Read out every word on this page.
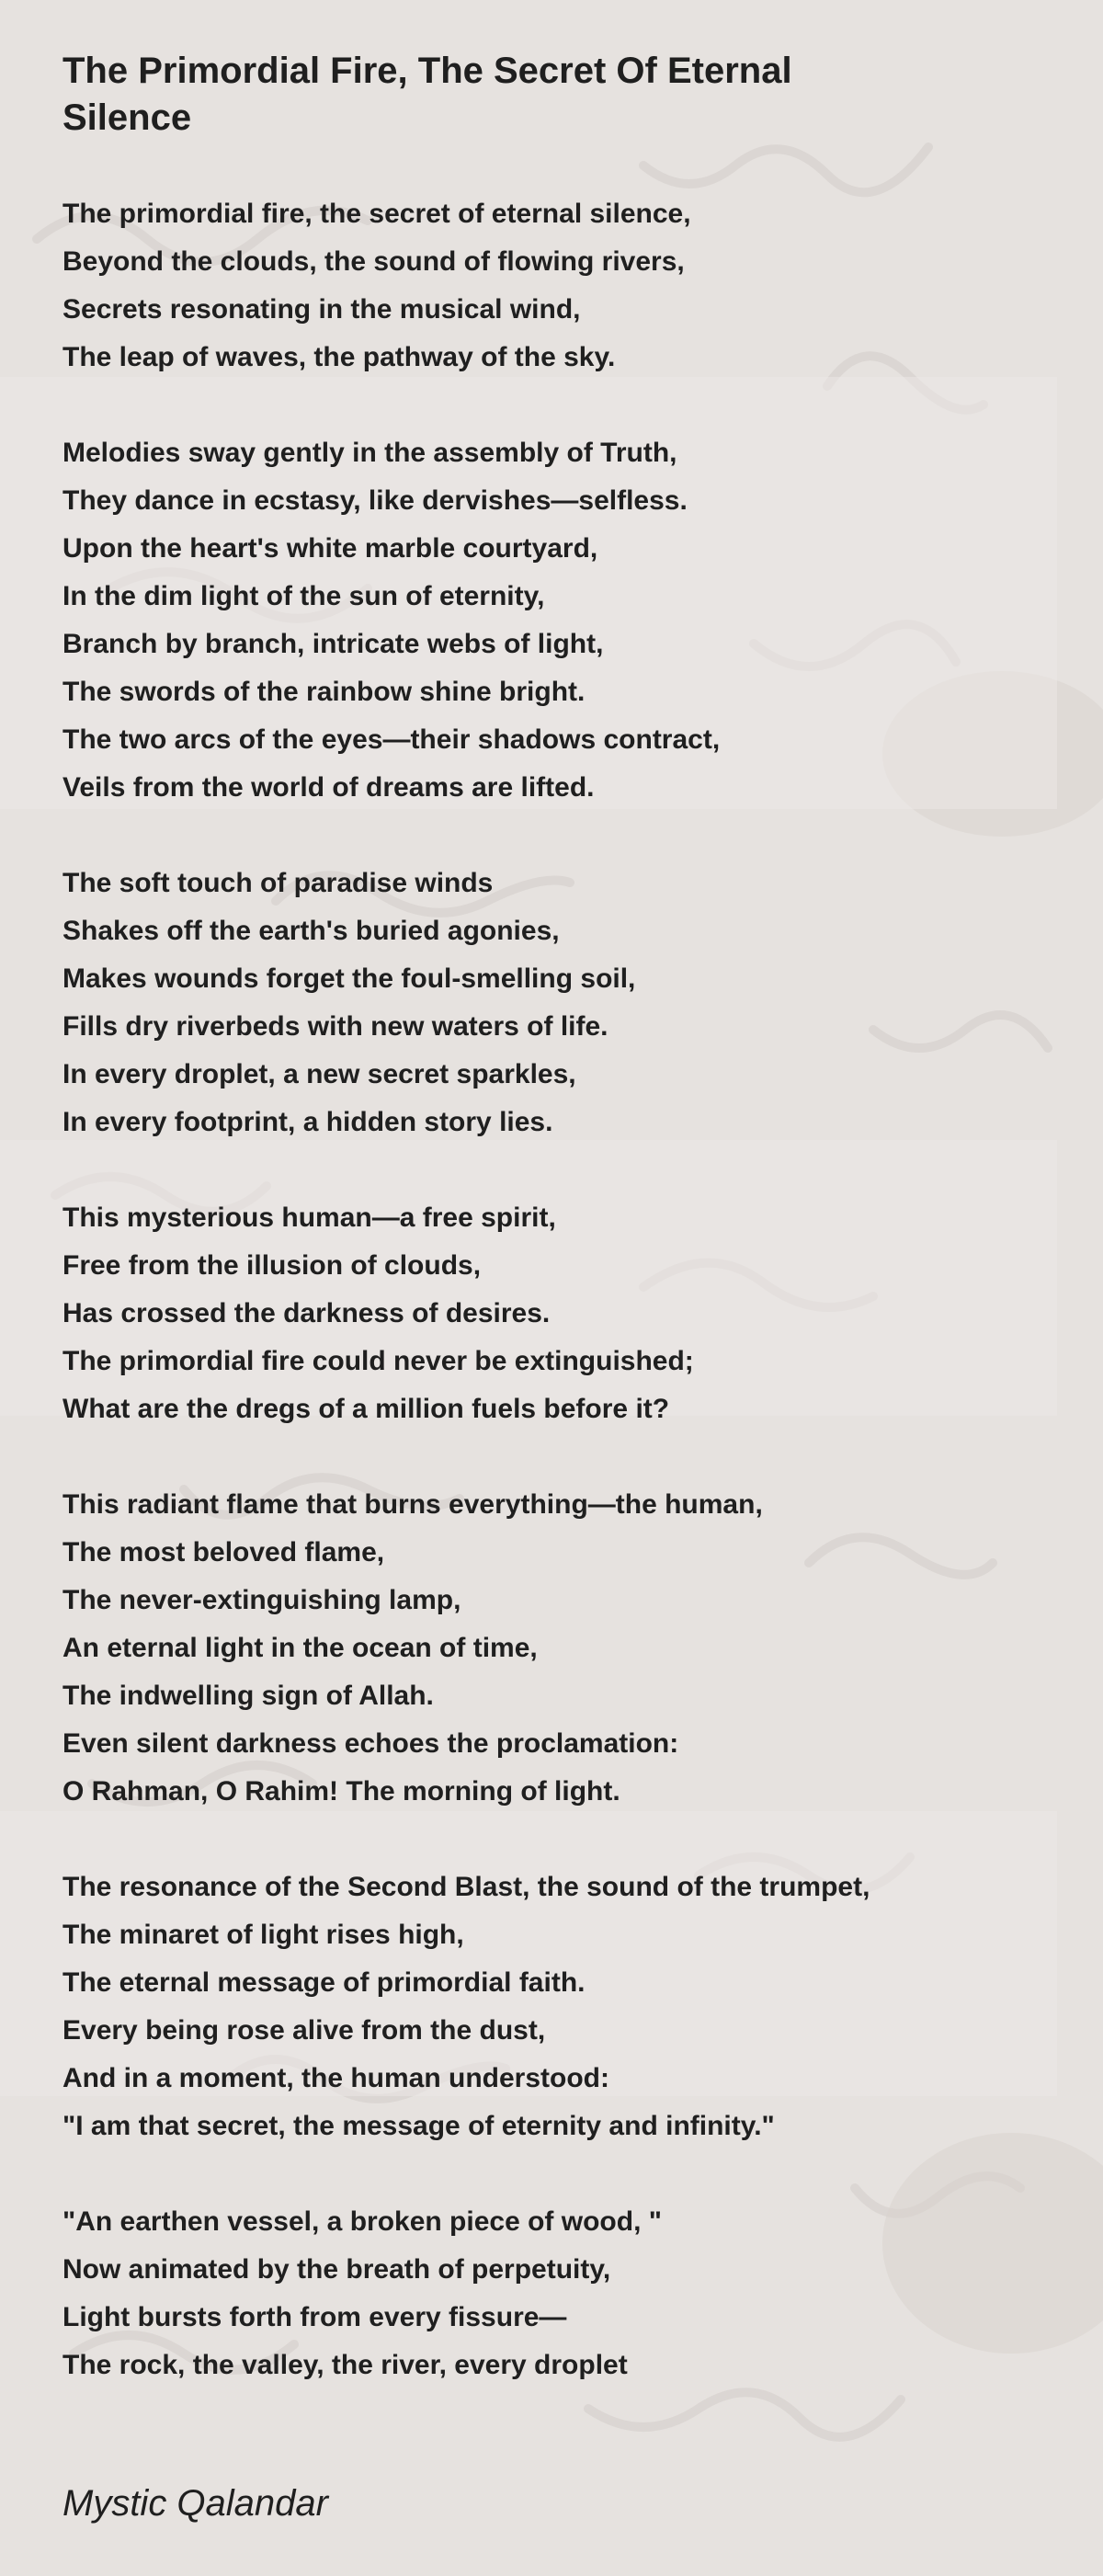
The Primordial Fire, The Secret Of Eternal Silence
The primordial fire, the secret of eternal silence,
Beyond the clouds, the sound of flowing rivers,
Secrets resonating in the musical wind,
The leap of waves, the pathway of the sky.
Melodies sway gently in the assembly of Truth,
They dance in ecstasy, like dervishes—selfless.
Upon the heart's white marble courtyard,
In the dim light of the sun of eternity,
Branch by branch, intricate webs of light,
The swords of the rainbow shine bright.
The two arcs of the eyes—their shadows contract,
Veils from the world of dreams are lifted.
The soft touch of paradise winds
Shakes off the earth's buried agonies,
Makes wounds forget the foul-smelling soil,
Fills dry riverbeds with new waters of life.
In every droplet, a new secret sparkles,
In every footprint, a hidden story lies.
This mysterious human—a free spirit,
Free from the illusion of clouds,
Has crossed the darkness of desires.
The primordial fire could never be extinguished;
What are the dregs of a million fuels before it?
This radiant flame that burns everything—the human,
The most beloved flame,
The never-extinguishing lamp,
An eternal light in the ocean of time,
The indwelling sign of Allah.
Even silent darkness echoes the proclamation:
O Rahman, O Rahim! The morning of light.
The resonance of the Second Blast, the sound of the trumpet,
The minaret of light rises high,
The eternal message of primordial faith.
Every being rose alive from the dust,
And in a moment, the human understood:
"I am that secret, the message of eternity and infinity."
"An earthen vessel, a broken piece of wood, "
Now animated by the breath of perpetuity,
Light bursts forth from every fissure—
The rock, the valley, the river, every droplet
Mystic Qalandar
